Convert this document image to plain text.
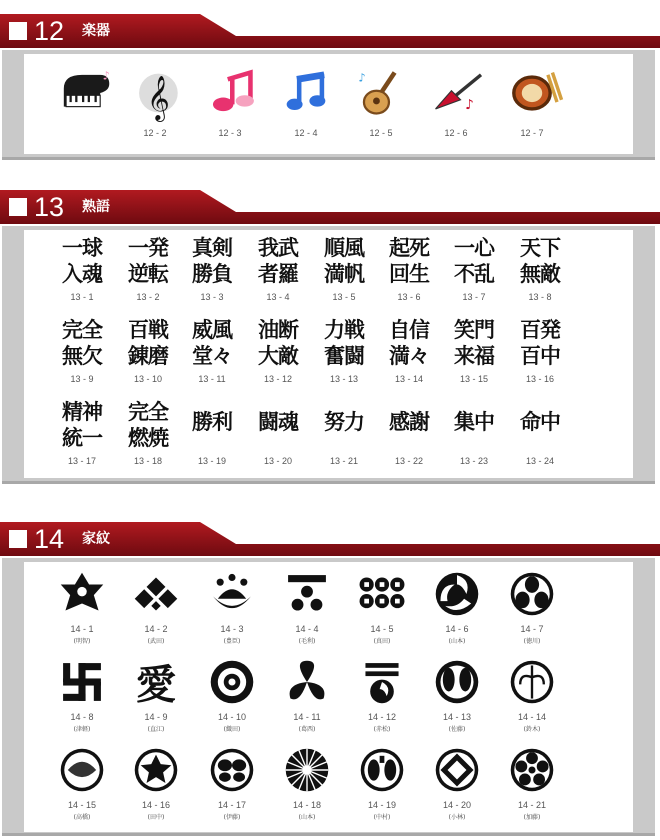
12 楽器
♪
𝄞
12 - 2	12 - 3	12 - 4
♪
12 - 5
♪
12 - 6	12 - 7
13 熟語
一球
入魂
13 - 1
一発
逆転
13 - 2
真剣
勝負
13 - 3
我武
者羅
13 - 4
順風
満帆
13 - 5
起死
回生
13 - 6
一心
不乱
13 - 7
天下
無敵
13 - 8
完全
無欠
13 - 9
百戦
錬磨
13 - 10
威風
堂々
13 - 11
油断
大敵
13 - 12
力戦
奮闘
13 - 13
自信
満々
13 - 14
笑門
来福
13 - 15
百発
百中
13 - 16
精神
統一
13 - 17
完全
燃焼
13 - 18
勝利
13 - 19
闘魂
13 - 20
努力
13 - 21
感謝
13 - 22
集中
13 - 23
命中
13 - 24
14 家紋
14 - 1
(明智)
14 - 2
(武田)
14 - 3
(豊臣)
14 - 4
(毛利)
14 - 5
(真田)
14 - 6
(山本)
14 - 7
(徳川)
14 - 8
(津軽)
愛
14 - 9
(直江)
14 - 10
(織田)
14 - 11
(葛西)
14 - 12
(赤松)
14 - 13
(佐藤)
14 - 14
(鈴木)
14 - 15
(高橋)
14 - 16
(田中)
14 - 17
(伊藤)
14 - 18
(山本)
14 - 19
(中村)
14 - 20
(小林)
14 - 21
(加藤)
